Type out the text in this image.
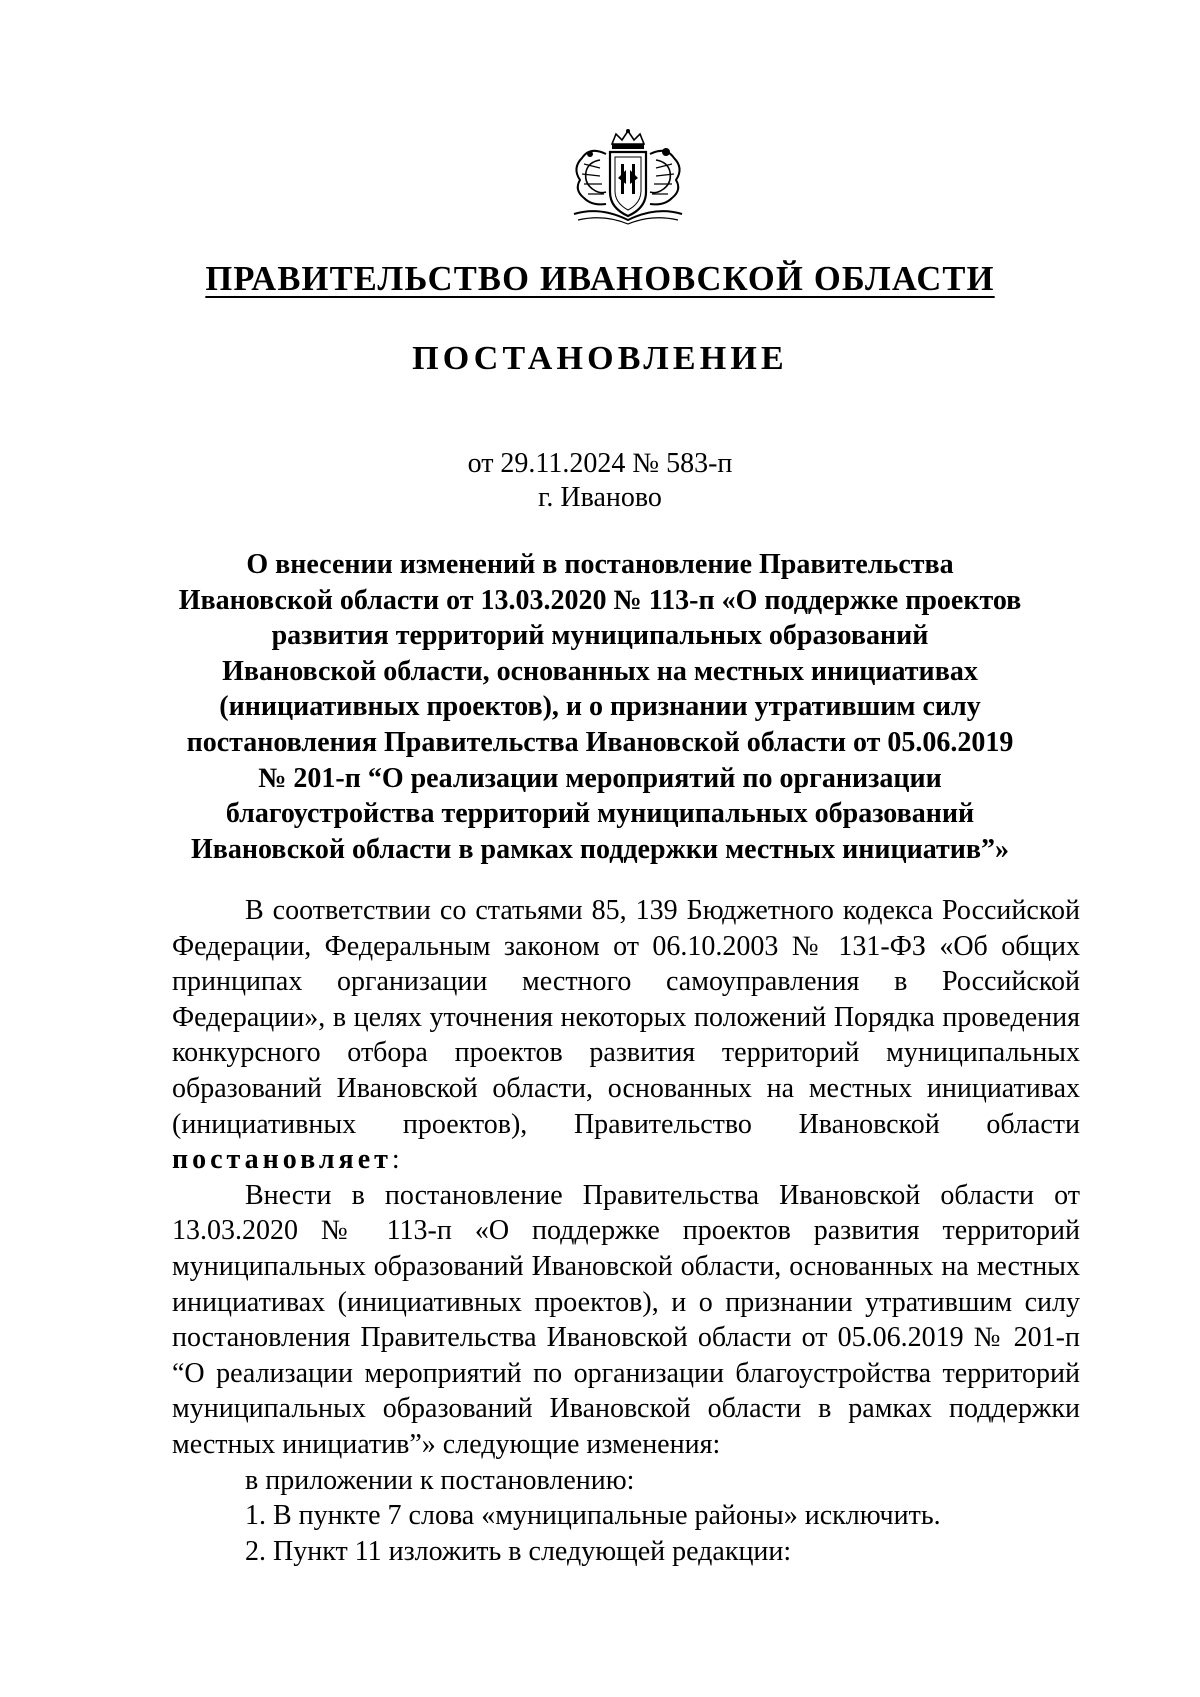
ПРАВИТЕЛЬСТВО ИВАНОВСКОЙ ОБЛАСТИ
ПОСТАНОВЛЕНИЕ
от 29.11.2024 № 583-п
г. Иваново
О внесении изменений в постановление Правительства
Ивановской области от 13.03.2020 № 113-п «О поддержке проектов
развития территорий муниципальных образований
Ивановской области, основанных на местных инициативах
(инициативных проектов), и о признании утратившим силу
постановления Правительства Ивановской области от 05.06.2019
№ 201-п “О реализации мероприятий по организации
благоустройства территорий муниципальных образований
Ивановской области в рамках поддержки местных инициатив”»

В соответствии со статьями 85, 139 Бюджетного кодекса Российской Федерации, Федеральным законом от 06.10.2003 № 131-ФЗ «Об общих принципах организации местного самоуправления в Российской Федерации», в целях уточнения некоторых положений Порядка проведения конкурсного отбора проектов развития территорий муниципальных образований Ивановской области, основанных на местных инициативах (инициативных проектов), Правительство Ивановской области постановляет:

Внести в постановление Правительства Ивановской области от 13.03.2020 № 113-п «О поддержке проектов развития территорий муниципальных образований Ивановской области, основанных на местных инициативах (инициативных проектов), и о признании утратившим силу постановления Правительства Ивановской области от 05.06.2019 № 201-п “О реализации мероприятий по организации благоустройства территорий муниципальных образований Ивановской области в рамках поддержки местных инициатив”» следующие изменения:

в приложении к постановлению:
1. В пункте 7 слова «муниципальные районы» исключить.
2. Пункт 11 изложить в следующей редакции:
